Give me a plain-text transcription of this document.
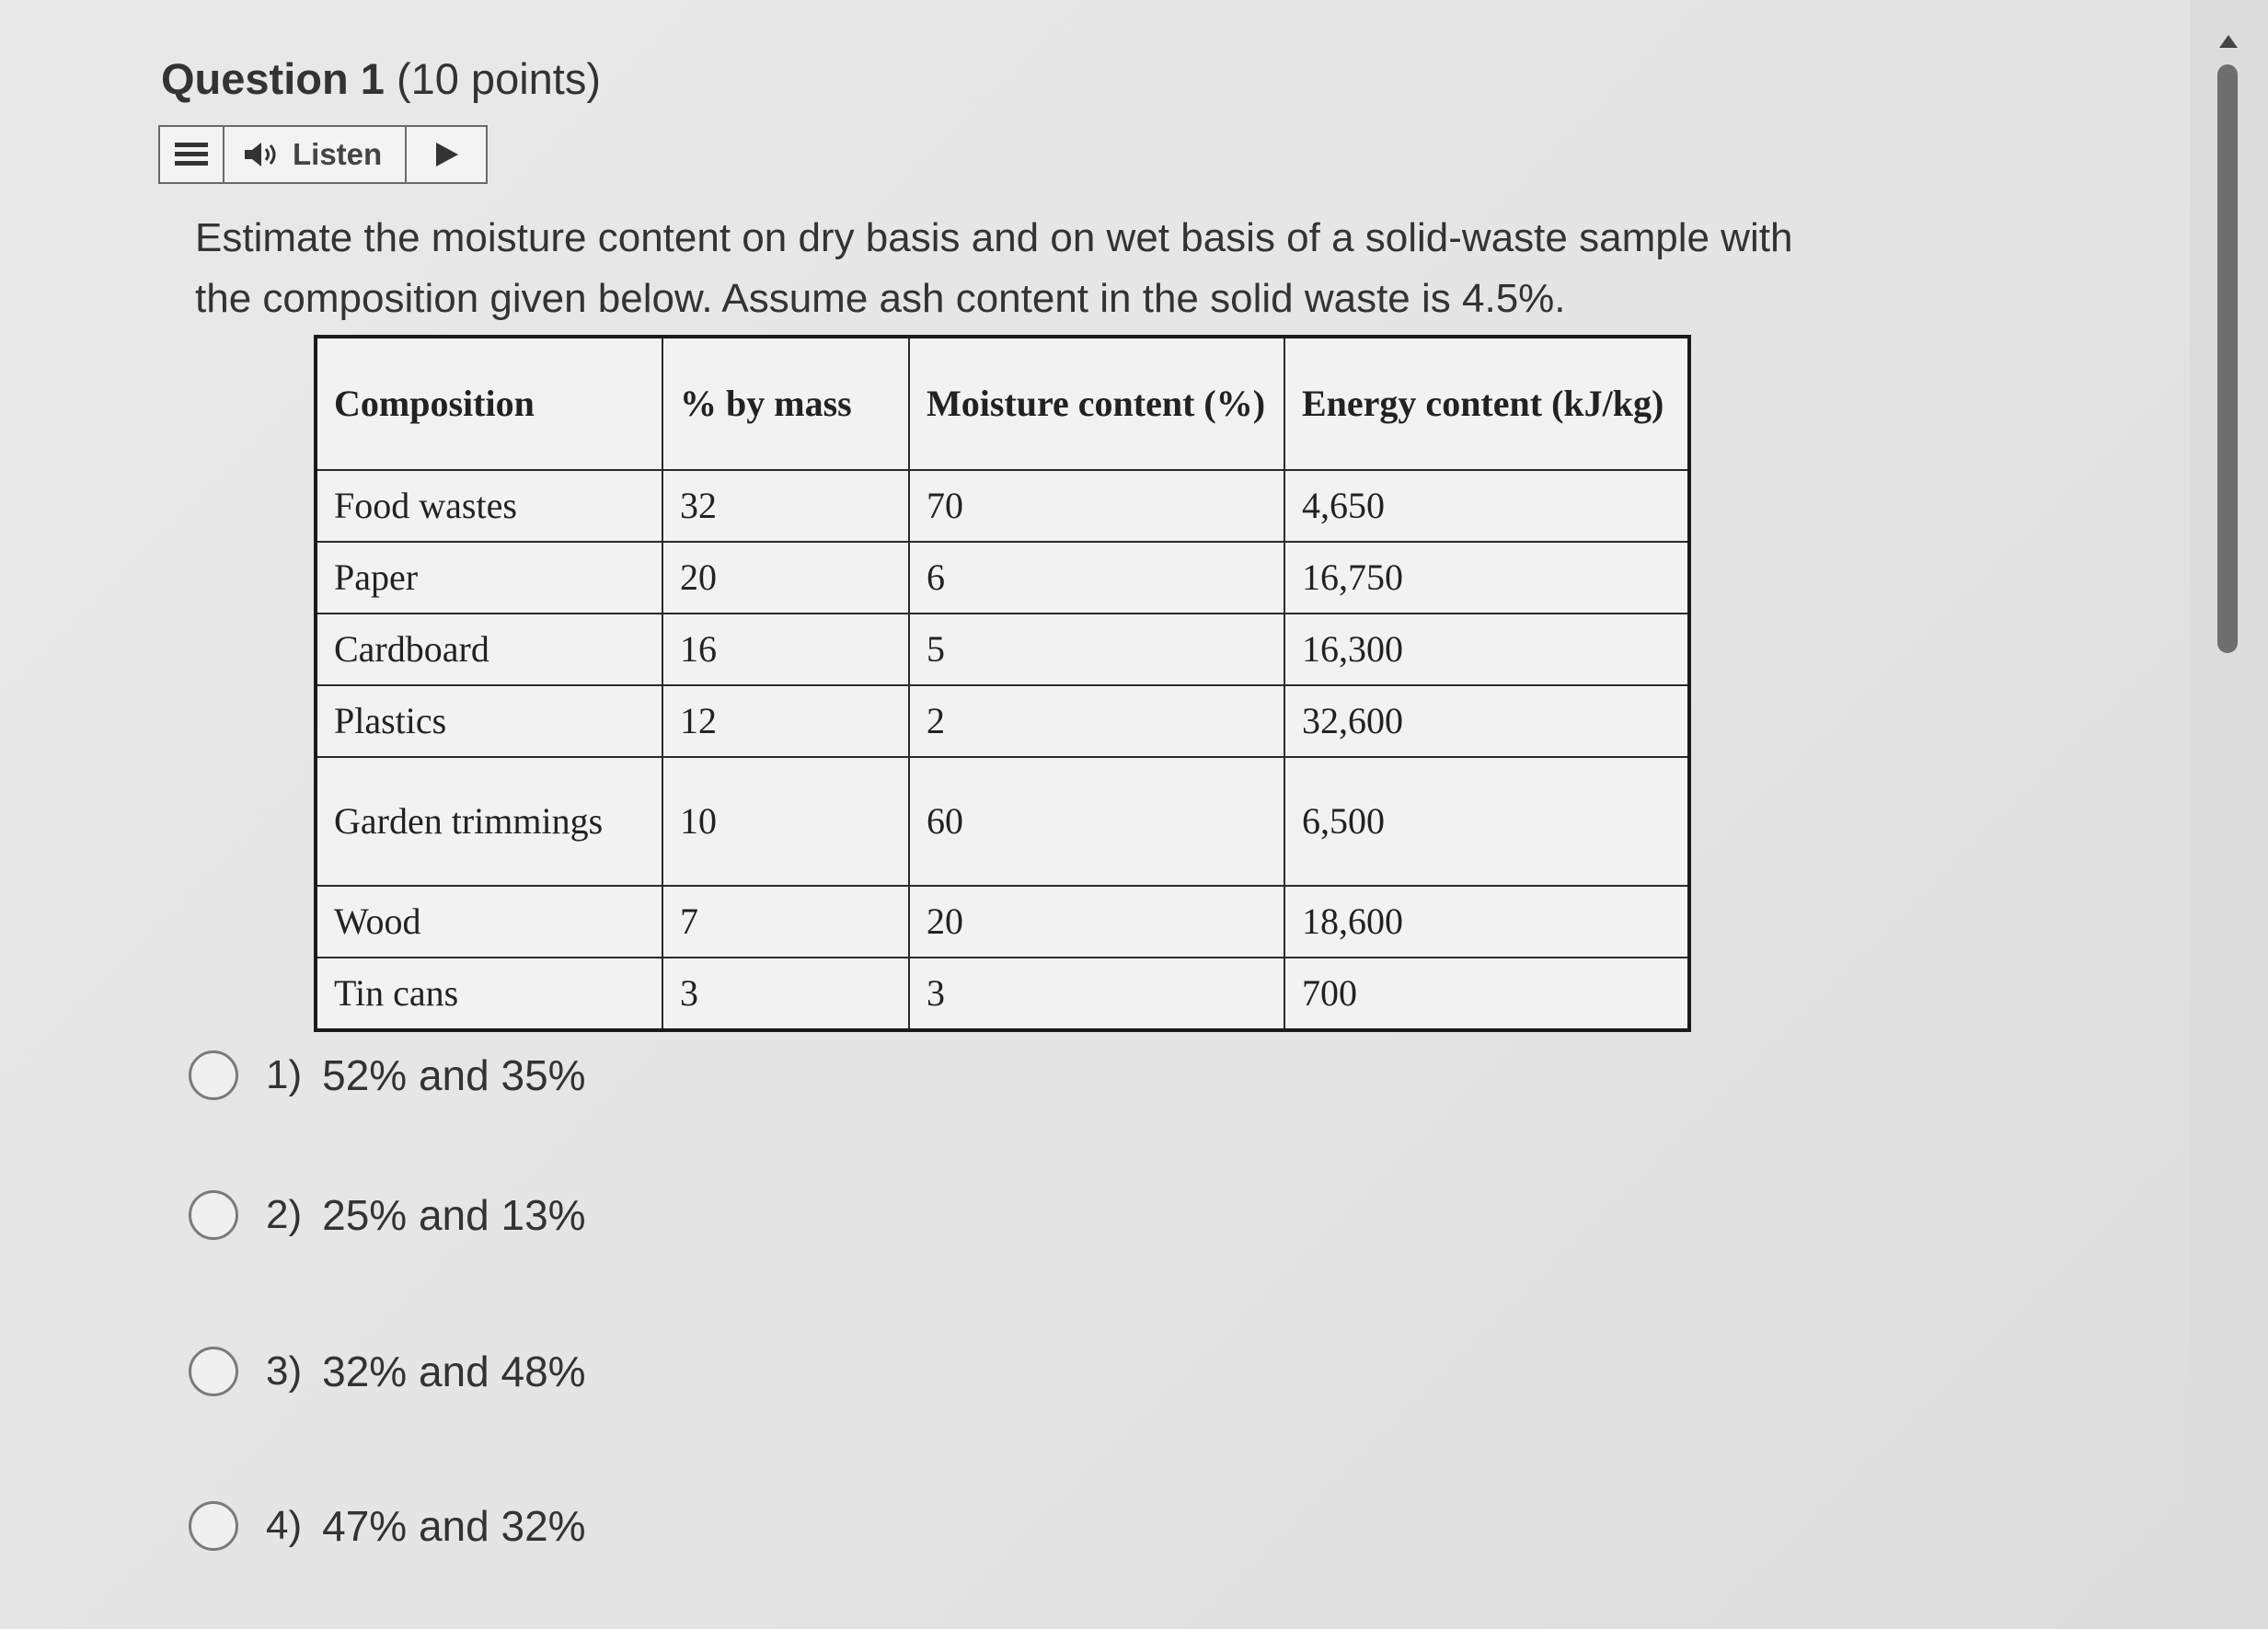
Question 1 (10 points)
Listen
Estimate the moisture content on dry basis and on wet basis of a solid-waste sample with the composition given below. Assume ash content in the solid waste is 4.5%.
Composition	% by mass	Moisture content (%)	Energy content (kJ/kg)
Food wastes	32	70	4,650
Paper	20	6	16,750
Cardboard	16	5	16,300
Plastics	12	2	32,600
Garden trimmings	10	60	6,500
Wood	7	20	18,600
Tin cans	3	3	700
1) 52% and 35%
2) 25% and 13%
3) 32% and 48%
4) 47% and 32%
